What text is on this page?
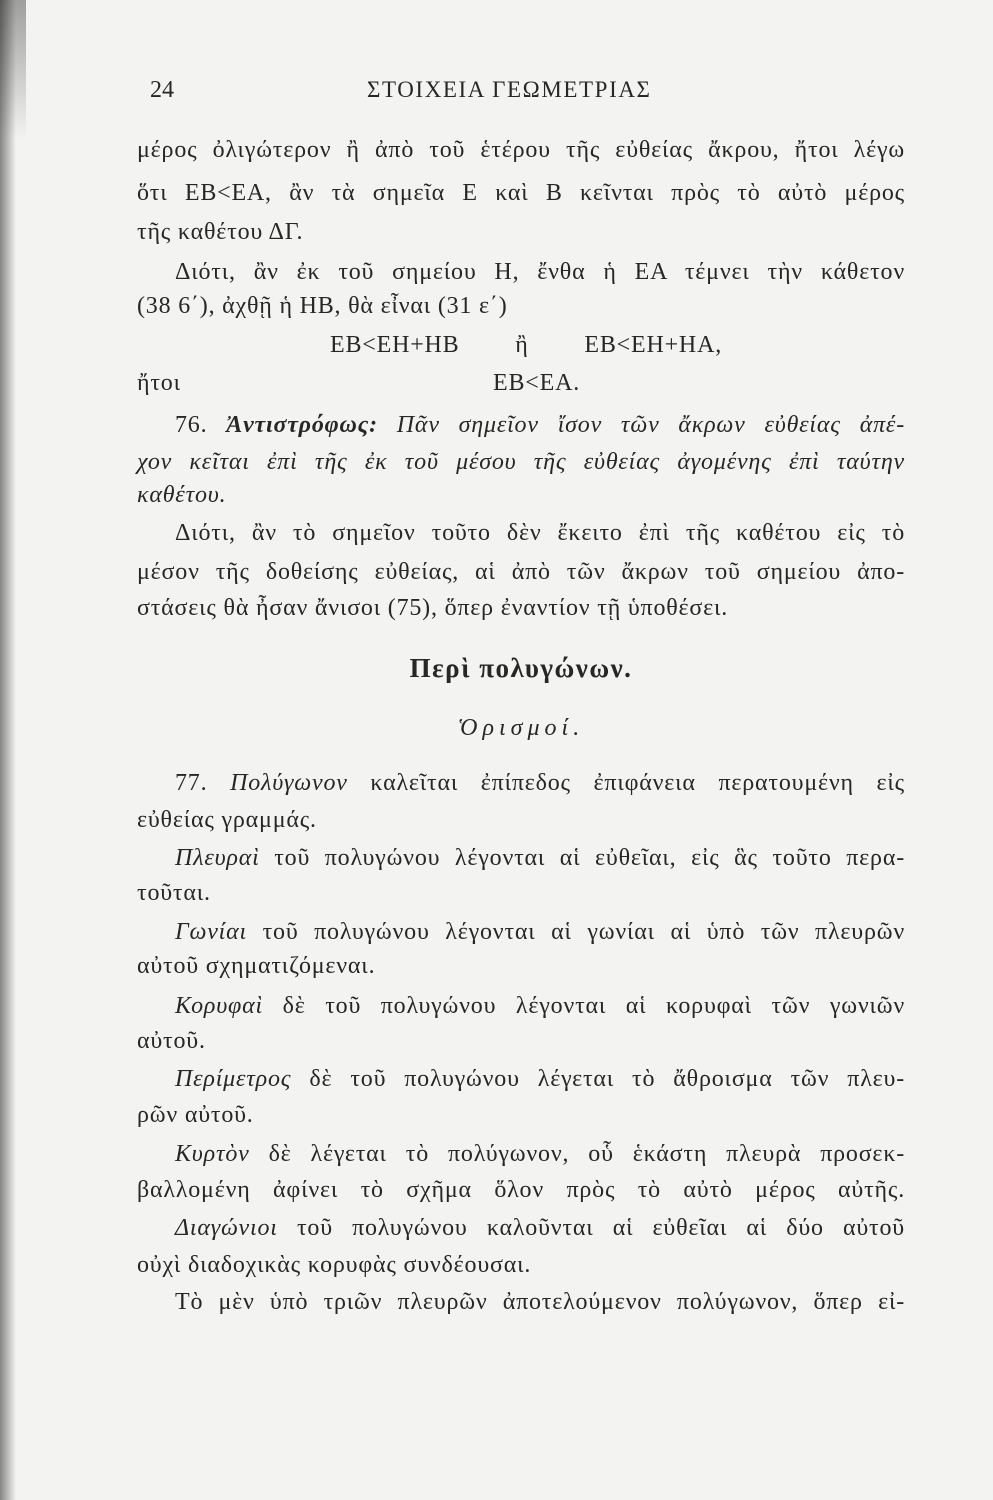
24	ΣΤΟΙΧΕΙΑ ΓΕΩΜΕΤΡΙΑΣ
μέρος ὀλιγώτερον ἢ ἀπὸ τοῦ ἑτέρου τῆς εὐθείας ἄκρου, ἤτοι λέγω
ὅτι ΕΒ<ΕΑ, ἂν τὰ σημεῖα Ε καὶ Β κεῖνται πρὸς τὸ αὐτὸ μέρος
τῆς καθέτου ΔΓ.
Διότι, ἂν ἐκ τοῦ σημείου Η, ἔνθα ἡ ΕΑ τέμνει τὴν κάθετον
(38 6΄), ἀχθῇ ἡ ΗΒ, θὰ εἶναι (31 ε΄)
ΕΒ<ΕΗ+ΗΒ ἢ ΕΒ<ΕΗ+ΗΑ,
ἤτοι	ΕΒ<ΕΑ.
76. Ἀντιστρόφως: Πᾶν σημεῖον ἴσον τῶν ἄκρων εὐθείας ἀπέ-
χον κεῖται ἐπὶ τῆς ἐκ τοῦ μέσου τῆς εὐθείας ἀγομένης ἐπὶ ταύτην
καθέτου.
Διότι, ἂν τὸ σημεῖον τοῦτο δὲν ἔκειτο ἐπὶ τῆς καθέτου εἰς τὸ
μέσον τῆς δοθείσης εὐθείας, αἱ ἀπὸ τῶν ἄκρων τοῦ σημείου ἀπο-
στάσεις θὰ ἦσαν ἄνισοι (75), ὅπερ ἐναντίον τῇ ὑποθέσει.
Περὶ πολυγώνων.
Ὁρισμοί.
77. Πολύγωνον καλεῖται ἐπίπεδος ἐπιφάνεια περατουμένη εἰς
εὐθείας γραμμάς.
Πλευραὶ τοῦ πολυγώνου λέγονται αἱ εὐθεῖαι, εἰς ἃς τοῦτο περα-
τοῦται.
Γωνίαι τοῦ πολυγώνου λέγονται αἱ γωνίαι αἱ ὑπὸ τῶν πλευρῶν
αὐτοῦ σχηματιζόμεναι.
Κορυφαὶ δὲ τοῦ πολυγώνου λέγονται αἱ κορυφαὶ τῶν γωνιῶν
αὐτοῦ.
Περίμετρος δὲ τοῦ πολυγώνου λέγεται τὸ ἄθροισμα τῶν πλευ-
ρῶν αὐτοῦ.
Κυρτὸν δὲ λέγεται τὸ πολύγωνον, οὗ ἑκάστη πλευρὰ προσεκ-
βαλλομένη ἀφίνει τὸ σχῆμα ὅλον πρὸς τὸ αὐτὸ μέρος αὐτῆς.
Διαγώνιοι τοῦ πολυγώνου καλοῦνται αἱ εὐθεῖαι αἱ δύο αὐτοῦ
οὐχὶ διαδοχικὰς κορυφὰς συνδέουσαι.
Τὸ μὲν ὑπὸ τριῶν πλευρῶν ἀποτελούμενον πολύγωνον, ὅπερ εἰ-
